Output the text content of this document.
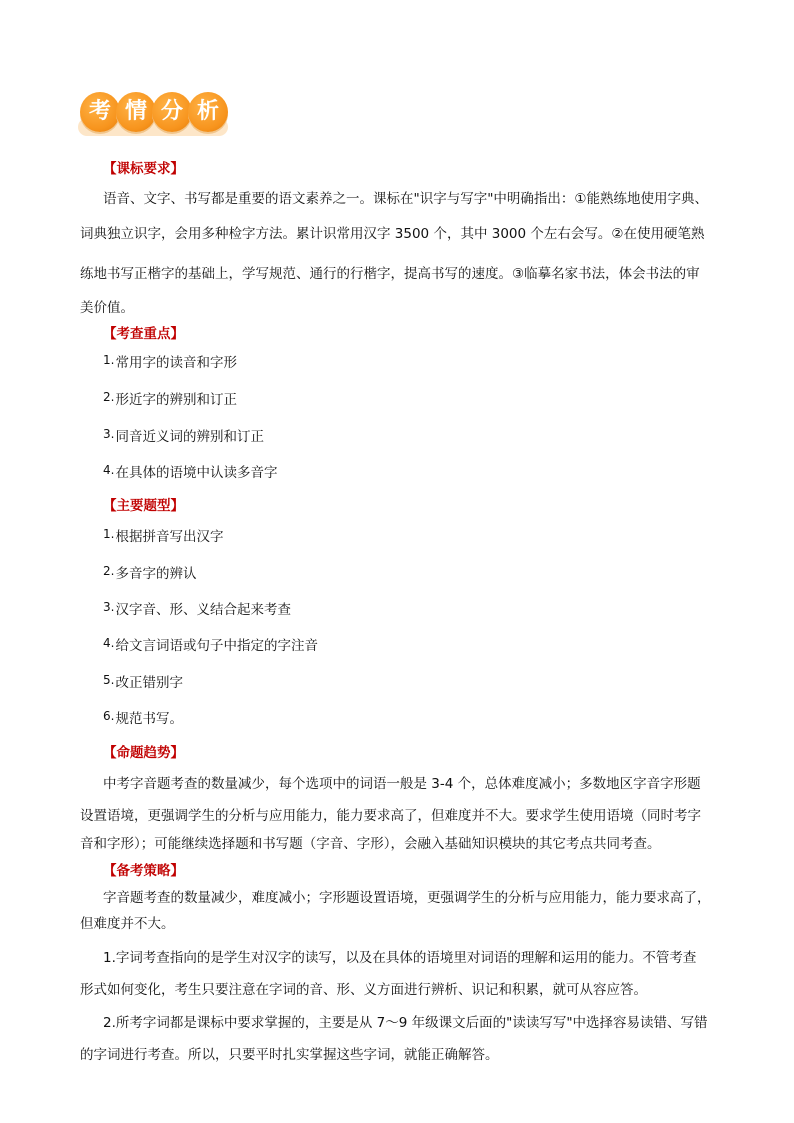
考 情 分 析
【课标要求】
语音、文字、书写都是重要的语文素养之一。课标在"识字与写字"中明确指出：①能熟练地使用字典、
词典独立识字，会用多种检字方法。累计识常用汉字 3500 个，其中 3000 个左右会写。②在使用硬笔熟
练地书写正楷字的基础上，学写规范、通行的行楷字，提高书写的速度。③临摹名家书法，体会书法的审
美价值。
【考查重点】
1.常用字的读音和字形
2.形近字的辨别和订正
3.同音近义词的辨别和订正
4.在具体的语境中认读多音字
【主要题型】
1.根据拼音写出汉字
2.多音字的辨认
3.汉字音、形、义结合起来考查
4.给文言词语或句子中指定的字注音
5.改正错别字
6.规范书写。
【命题趋势】
中考字音题考查的数量减少，每个选项中的词语一般是 3-4 个，总体难度减小；多数地区字音字形题
设置语境，更强调学生的分析与应用能力，能力要求高了，但难度并不大。要求学生使用语境（同时考字
音和字形）；可能继续选择题和书写题（字音、字形），会融入基础知识模块的其它考点共同考查。
【备考策略】
字音题考查的数量减少，难度减小；字形题设置语境，更强调学生的分析与应用能力，能力要求高了，
但难度并不大。
1.字词考查指向的是学生对汉字的读写，以及在具体的语境里对词语的理解和运用的能力。不管考查
形式如何变化，考生只要注意在字词的音、形、义方面进行辨析、识记和积累，就可从容应答。
2.所考字词都是课标中要求掌握的，主要是从 7～9 年级课文后面的"读读写写"中选择容易读错、写错
的字词进行考查。所以，只要平时扎实掌握这些字词，就能正确解答。
